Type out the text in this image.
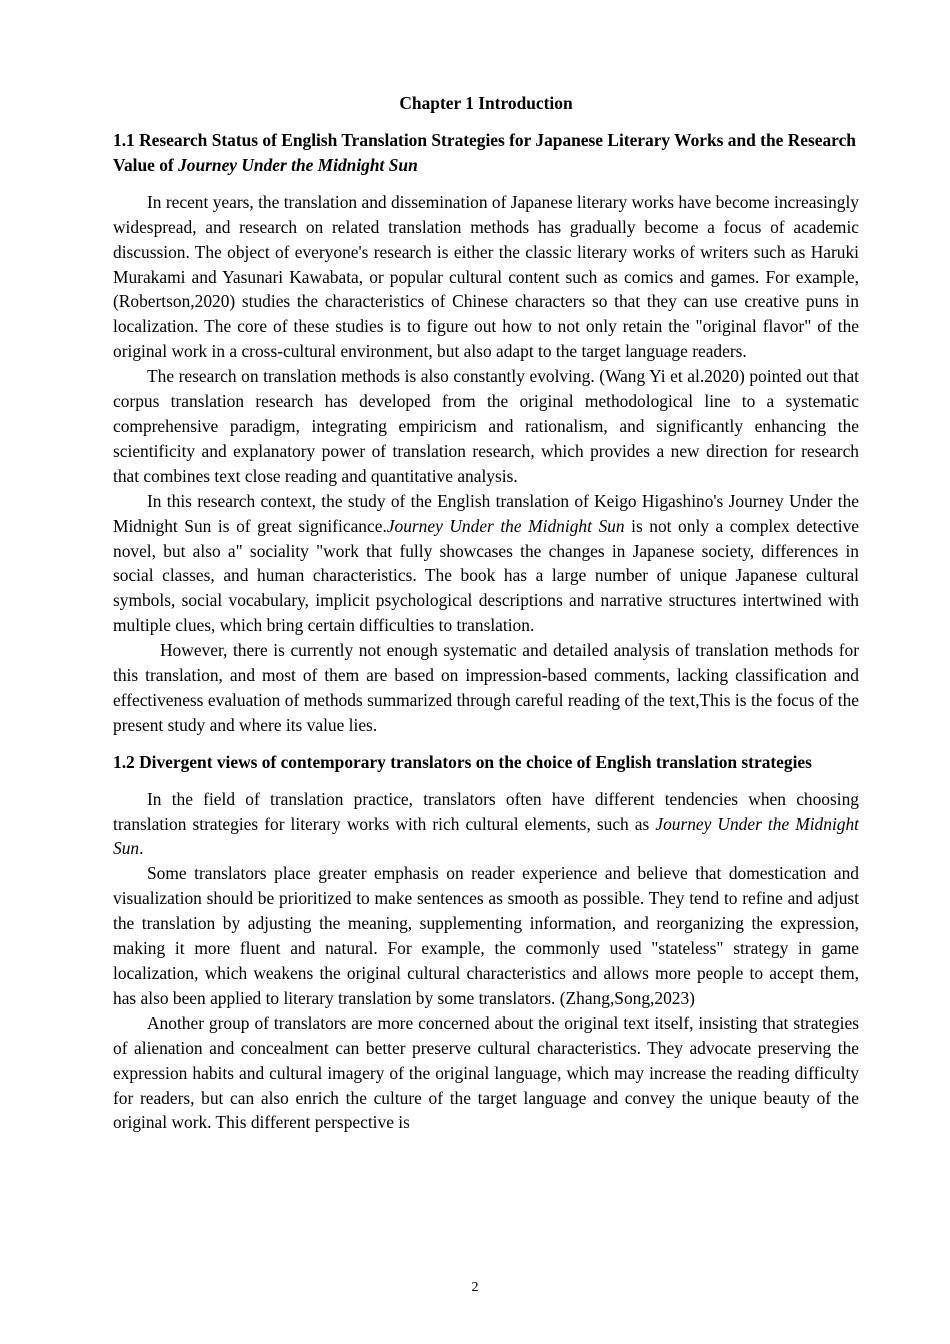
Chapter 1 Introduction
1.1 Research Status of English Translation Strategies for Japanese Literary Works and the Research Value of Journey Under the Midnight Sun

In recent years, the translation and dissemination of Japanese literary works have become increasingly widespread, and research on related translation methods has gradually become a focus of academic discussion. The object of everyone's research is either the classic literary works of writers such as Haruki Murakami and Yasunari Kawabata, or popular cultural content such as comics and games. For example, (Robertson,2020) studies the characteristics of Chinese characters so that they can use creative puns in localization. The core of these studies is to figure out how to not only retain the "original flavor" of the original work in a cross-cultural environment, but also adapt to the target language readers.

The research on translation methods is also constantly evolving. (Wang Yi et al.2020) pointed out that corpus translation research has developed from the original methodological line to a systematic comprehensive paradigm, integrating empiricism and rationalism, and significantly enhancing the scientificity and explanatory power of translation research, which provides a new direction for research that combines text close reading and quantitative analysis.

In this research context, the study of the English translation of Keigo Higashino's Journey Under the Midnight Sun is of great significance.Journey Under the Midnight Sun is not only a complex detective novel, but also a" sociality "work that fully showcases the changes in Japanese society, differences in social classes, and human characteristics. The book has a large number of unique Japanese cultural symbols, social vocabulary, implicit psychological descriptions and narrative structures intertwined with multiple clues, which bring certain difficulties to translation.

However, there is currently not enough systematic and detailed analysis of translation methods for this translation, and most of them are based on impression-based comments, lacking classification and effectiveness evaluation of methods summarized through careful reading of the text,This is the focus of the present study and where its value lies.

1.2 Divergent views of contemporary translators on the choice of English translation strategies

In the field of translation practice, translators often have different tendencies when choosing translation strategies for literary works with rich cultural elements, such as Journey Under the Midnight Sun.

Some translators place greater emphasis on reader experience and believe that domestication and visualization should be prioritized to make sentences as smooth as possible. They tend to refine and adjust the translation by adjusting the meaning, supplementing information, and reorganizing the expression, making it more fluent and natural. For example, the commonly used "stateless" strategy in game localization, which weakens the original cultural characteristics and allows more people to accept them, has also been applied to literary translation by some translators. (Zhang,Song,2023)

Another group of translators are more concerned about the original text itself, insisting that strategies of alienation and concealment can better preserve cultural characteristics. They advocate preserving the expression habits and cultural imagery of the original language, which may increase the reading difficulty for readers, but can also enrich the culture of the target language and convey the unique beauty of the original work. This different perspective is

2
